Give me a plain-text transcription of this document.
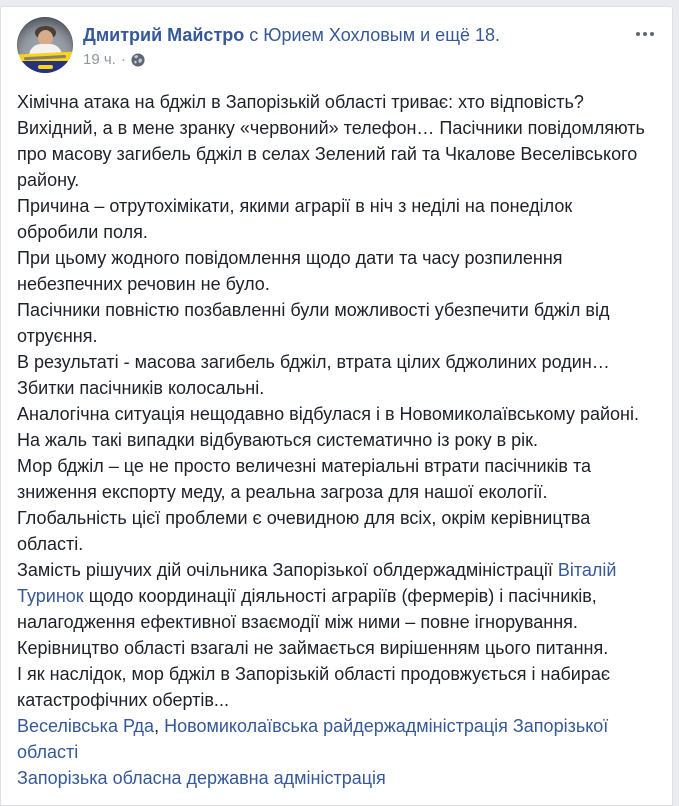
Дмитрий Майстро с Юрием Хохловым и ещё 18.
19 ч. ·
Хімічна атака на бджіл в Запорізькій області триває: хто відповість?
Вихідний, а в мене зранку «червоний» телефон… Пасічники повідомляють про масову загибель бджіл в селах Зелений гай та Чкалове Веселівського району.
Причина – отрутохімікати, якими аграрії в ніч з неділі на понеділок обробили поля.
При цьому жодного повідомлення щодо дати та часу розпилення небезпечних речовин не було.
Пасічники повністю позбавленні були можливості убезпечити бджіл від отруєння.
В результаті - масова загибель бджіл, втрата цілих бджолиних родин…
Збитки пасічників колосальні.
Аналогічна ситуація нещодавно відбулася і в Новомиколаївському районі.
На жаль такі випадки відбуваються систематично із року в рік.
Мор бджіл – це не просто величезні матеріальні втрати пасічників та зниження експорту меду, а реальна загроза для нашої екології.
Глобальність цієї проблеми є очевидною для всіх, окрім керівництва області.
Замість рішучих дій очільника Запорізької облдержадміністрації Віталій Туринок щодо координації діяльності аграріїв (фермерів) і пасічників, налагодження ефективної взаємодії між ними – повне ігнорування.
Керівництво області взагалі не займається вирішенням цього питання.
І як наслідок, мор бджіл в Запорізькій області продовжується і набирає катастрофічних обертів...
Веселівська Рда, Новомиколаївська райдержадміністрація Запорізької області
Запорізька обласна державна адміністрація
